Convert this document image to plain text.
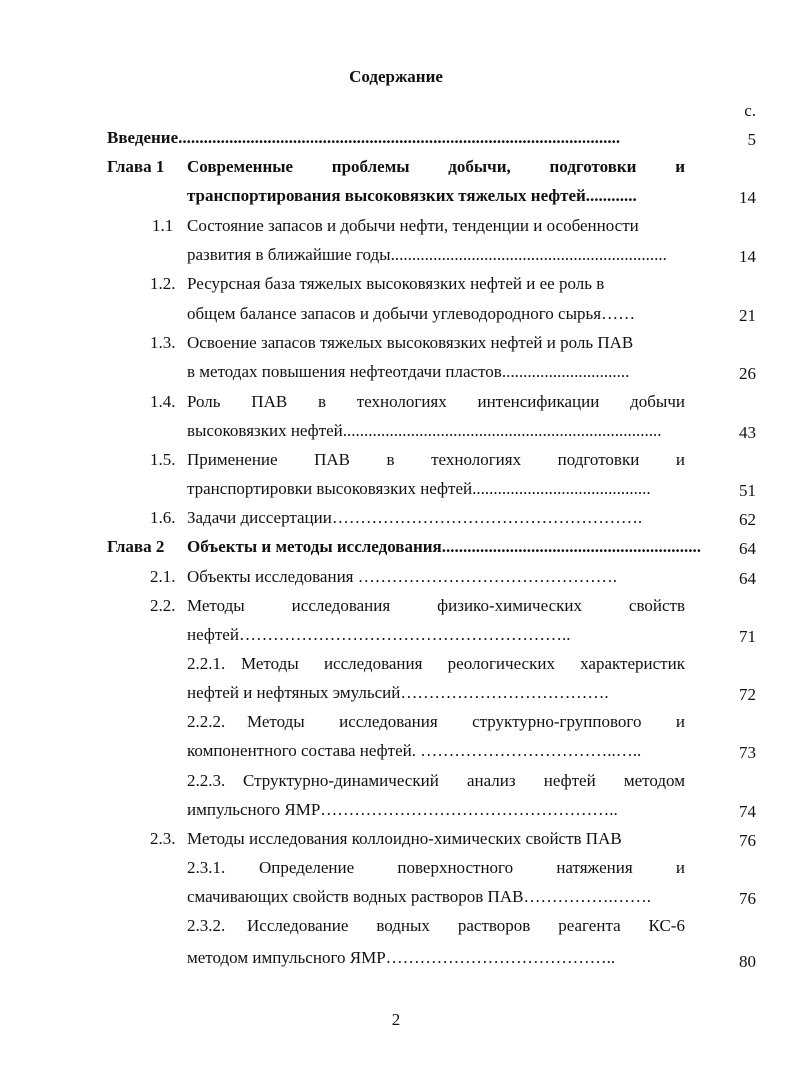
Содержание
с.
Введение........................................................................................................	5
Глава 1 Современные проблемы добычи, подготовки и
транспортирования высоковязких тяжелых нефтей............	14
1.1 Состояние запасов и добычи нефти, тенденции и особенности
развития в ближайшие годы.................................................................	14
1.2. Ресурсная база тяжелых высоковязких нефтей и ее роль в
общем балансе запасов и добычи углеводородного сырья……	21
1.3. Освоение запасов тяжелых высоковязких нефтей и роль ПАВ
в методах повышения нефтеотдачи пластов..............................	26
1.4. Роль ПАВ в технологиях интенсификации добычи
высоковязких нефтей...........................................................................	43
1.5. Применение ПАВ в технологиях подготовки и
транспортировки высоковязких нефтей..........................................	51
1.6. Задачи диссертации……………………………………………….	62
Глава 2 Объекты и методы исследования............................................................. 64
2.1. Объекты исследования ……………………………………….	64
2.2. Методы	исследования	физико-химических	свойств
нефтей…………………………………………………..	71
2.2.1. Методы исследования реологических характеристик
нефтей и нефтяных эмульсий……………………………….	72
2.2.2. Методы исследования структурно-группового и
компонентного состава нефтей. ……………………………..…..	73
2.2.3. Структурно-динамический анализ нефтей методом
импульсного ЯМР……………………………………………..	74
2.3. Методы исследования коллоидно-химических свойств ПАВ	76
2.3.1. Определение	поверхностного	натяжения	и
смачивающих свойств водных растворов ПАВ…………….…….	76
2.3.2. Исследование водных растворов реагента КС-6
методом импульсного ЯМР…………………………………..	80
2
